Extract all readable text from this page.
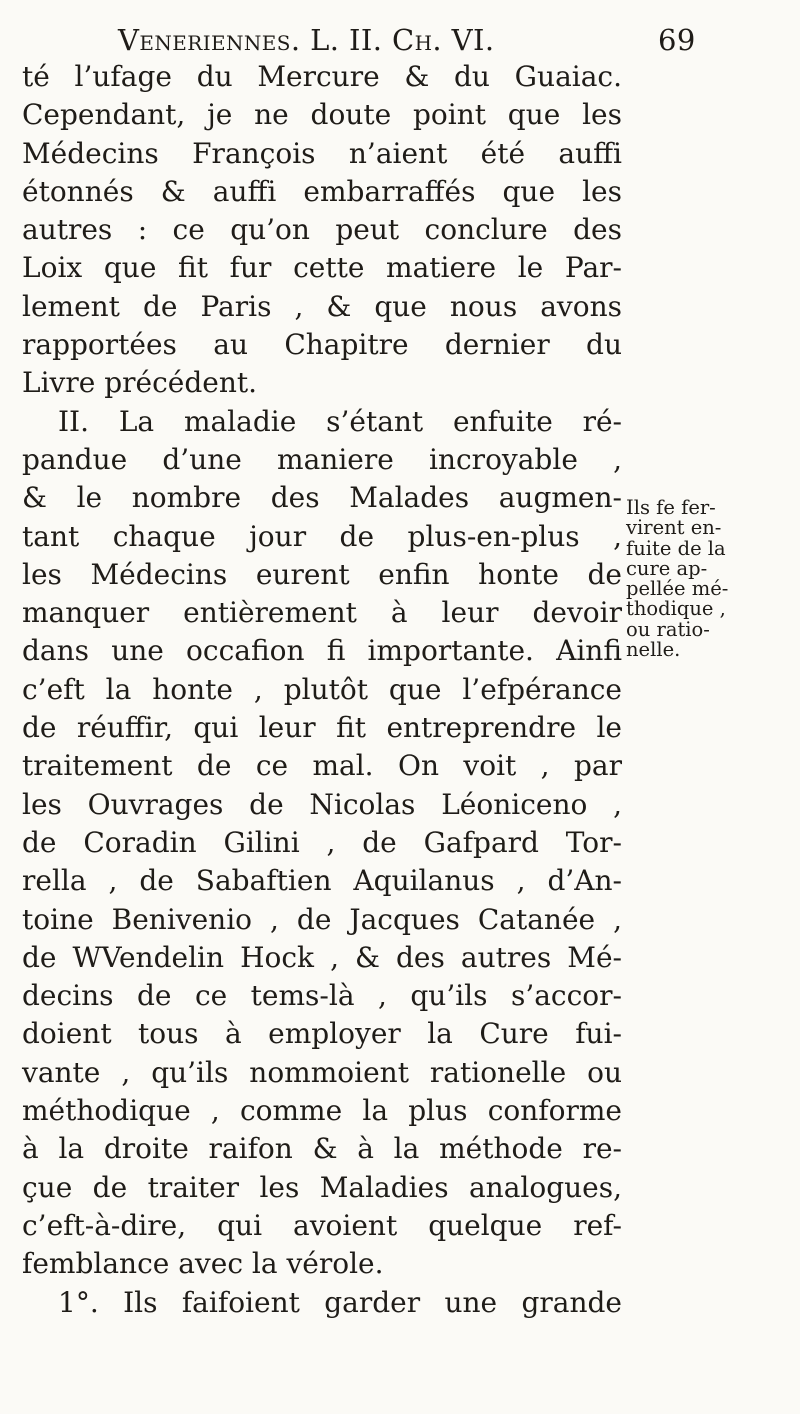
Veneriennes. L. II. Ch. VI.	69
té l’ufage du Mercure & du Guaiac.
Cependant, je ne doute point que les
Médecins François n’aient été auffi
étonnés & auffi embarraffés que les
autres : ce qu’on peut conclure des
Loix que fit fur cette matiere le Par-
lement de Paris , & que nous avons
rapportées au Chapitre dernier du
Livre précédent.
II. La maladie s’étant enfuite ré-
pandue d’une maniere incroyable ,
& le nombre des Malades augmen-
tant chaque jour de plus-en-plus ,
les Médecins eurent enfin honte de
manquer entièrement à leur devoir
dans une occafion fi importante. Ainfi
c’eft la honte , plutôt que l’efpérance
de réuffir, qui leur fit entreprendre le
traitement de ce mal. On voit , par
les Ouvrages de Nicolas Léoniceno ,
de Coradin Gilini , de Gafpard Tor-
rella , de Sabaftien Aquilanus , d’An-
toine Benivenio , de Jacques Catanée ,
de WVendelin Hock , & des autres Mé-
decins de ce tems-là , qu’ils s’accor-
doient tous à employer la Cure fui-
vante , qu’ils nommoient rationelle ou
méthodique , comme la plus conforme
à la droite raifon & à la méthode re-
çue de traiter les Maladies analogues,
c’eft-à-dire, qui avoient quelque ref-
femblance avec la vérole.
1°. Ils faifoient garder une grande
Ils fe fer-
virent en-
fuite de la
cure ap-
pellée mé-
thodique ,
ou ratio-
nelle.
